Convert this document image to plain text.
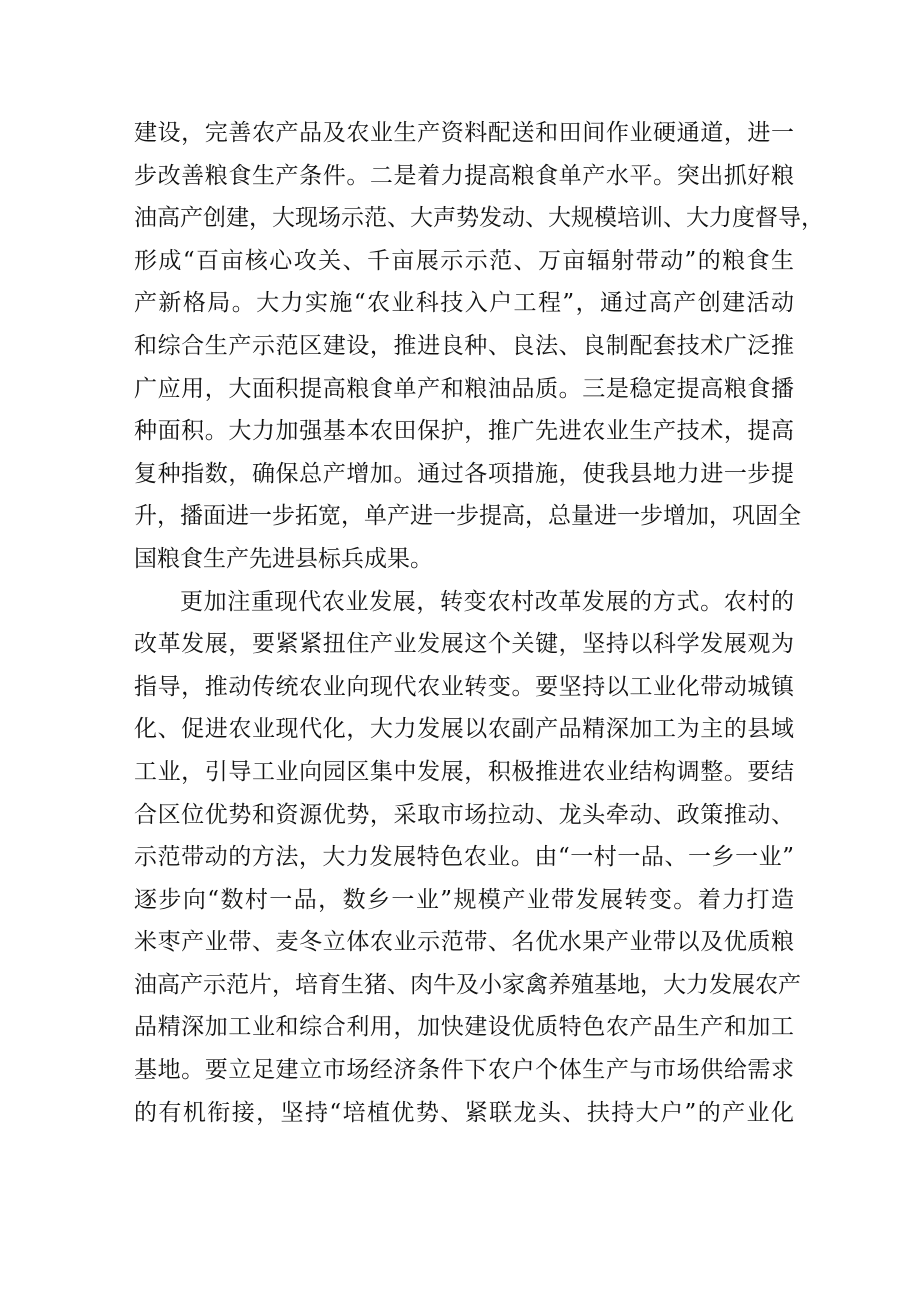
建设，完善农产品及农业生产资料配送和田间作业硬通道，进一
步改善粮食生产条件。二是着力提高粮食单产水平。突出抓好粮
油高产创建，大现场示范、大声势发动、大规模培训、大力度督导，
形成“百亩核心攻关、千亩展示示范、万亩辐射带动”的粮食生
产新格局。大力实施“农业科技入户工程”，通过高产创建活动
和综合生产示范区建设，推进良种、良法、良制配套技术广泛推
广应用，大面积提高粮食单产和粮油品质。三是稳定提高粮食播
种面积。大力加强基本农田保护，推广先进农业生产技术，提高
复种指数，确保总产增加。通过各项措施，使我县地力进一步提
升，播面进一步拓宽，单产进一步提高，总量进一步增加，巩固全
国粮食生产先进县标兵成果。
更加注重现代农业发展，转变农村改革发展的方式。农村的
改革发展，要紧紧扭住产业发展这个关键，坚持以科学发展观为
指导，推动传统农业向现代农业转变。要坚持以工业化带动城镇
化、促进农业现代化，大力发展以农副产品精深加工为主的县域
工业，引导工业向园区集中发展，积极推进农业结构调整。要结
合区位优势和资源优势，采取市场拉动、龙头牵动、政策推动、
示范带动的方法，大力发展特色农业。由“一村一品、一乡一业”
逐步向“数村一品，数乡一业”规模产业带发展转变。着力打造
米枣产业带、麦冬立体农业示范带、名优水果产业带以及优质粮
油高产示范片，培育生猪、肉牛及小家禽养殖基地，大力发展农产
品精深加工业和综合利用，加快建设优质特色农产品生产和加工
基地。要立足建立市场经济条件下农户个体生产与市场供给需求
的有机衔接，坚持“培植优势、紧联龙头、扶持大户”的产业化
